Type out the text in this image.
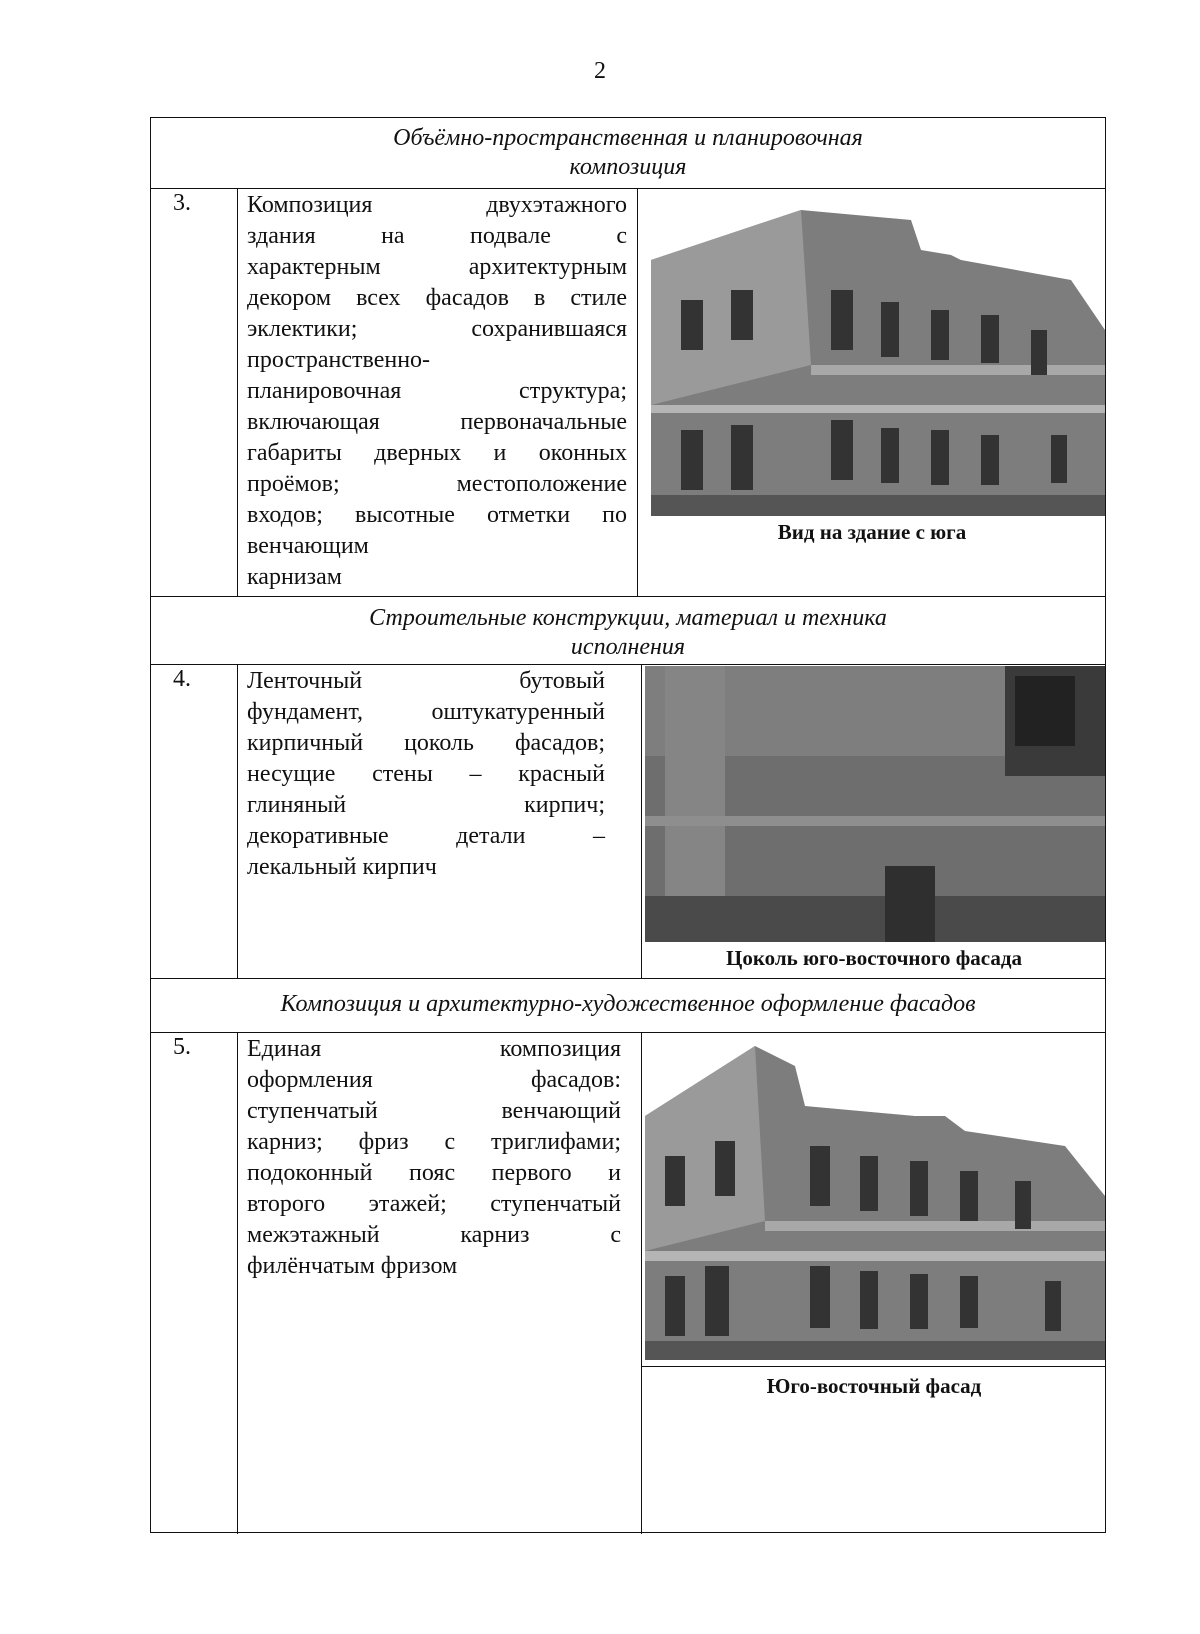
2
Объёмно-пространственная и планировочная
композиция
3. Композиция двухэтажного
здания на подвале с
характерным архитектурным
декором всех фасадов в стиле
эклектики; сохранившаяся
пространственно-
планировочная структура;
включающая первоначальные
габариты дверных и оконных
проёмов; местоположение
входов; высотные отметки по
венчающим
карнизам
Вид на здание с юга
Строительные конструкции, материал и техника
исполнения
4. Ленточный бутовый
фундамент, оштукатуренный
кирпичный цоколь фасадов;
несущие стены – красный
глиняный кирпич;
декоративные детали –
лекальный кирпич
Цоколь юго-восточного фасада
Композиция и архитектурно-художественное оформление фасадов
5. Единая композиция
оформления фасадов:
ступенчатый венчающий
карниз; фриз с триглифами;
подоконный пояс первого и
второго этажей; ступенчатый
межэтажный карниз с
филёнчатым фризом
Юго-восточный фасад
